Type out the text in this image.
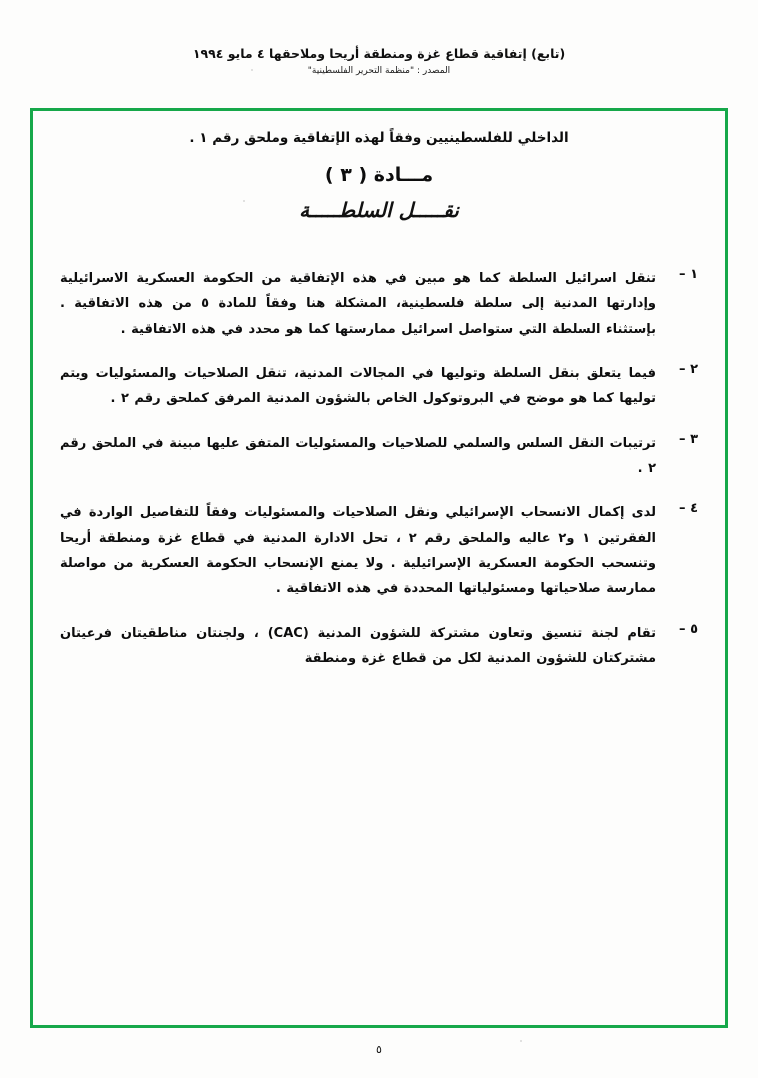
(تابع) إتفاقية قطاع غزة ومنطقة أريحا وملاحقها ٤ مايو ١٩٩٤
المصدر : "منظمة التحرير الفلسطينية"
الداخلي للفلسطينيين وفقاً لهذه الإتفاقية وملحق رقم ١ .
مـــادة ( ٣ )
نقـــــل السلطـــــة
١ –
تنقل اسرائيل السلطة كما هو مبين في هذه الإتفاقية من الحكومة العسكرية الاسرائيلية وإدارتها المدنية إلى سلطة فلسطينية، المشكلة هنا وفقاً للمادة ٥ من هذه الاتفاقية . بإستثناء السلطة التي ستواصل اسرائيل ممارستها كما هو محدد في هذه الاتفاقية .
٢ –
فيما يتعلق بنقل السلطة وتوليها في المجالات المدنية، تنقل الصلاحيات والمسئوليات ويتم توليها كما هو موضح في البروتوكول الخاص بالشؤون المدنية المرفق كملحق رقم ٢ .
٣ –
ترتيبات النقل السلس والسلمي للصلاحيات والمسئوليات المتفق عليها مبينة في الملحق رقم ٢ .
٤ –
لدى إكمال الانسحاب الإسرائيلي ونقل الصلاحيات والمسئوليات وفقاً للتفاصيل الواردة في الفقرتين ١ و٢ عاليه والملحق رقم ٢ ، تحل الادارة المدنية في قطاع غزة ومنطقة أريحا وتنسحب الحكومة العسكرية الإسرائيلية . ولا يمنع الإنسحاب الحكومة العسكرية من مواصلة ممارسة صلاحياتها ومسئولياتها المحددة في هذه الاتفاقية .
٥ –
تقام لجنة تنسيق وتعاون مشتركة للشؤون المدنية (CAC) ، ولجنتان مناطقيتان فرعيتان مشتركتان للشؤون المدنية لكل من قطاع غزة ومنطقة
٥
